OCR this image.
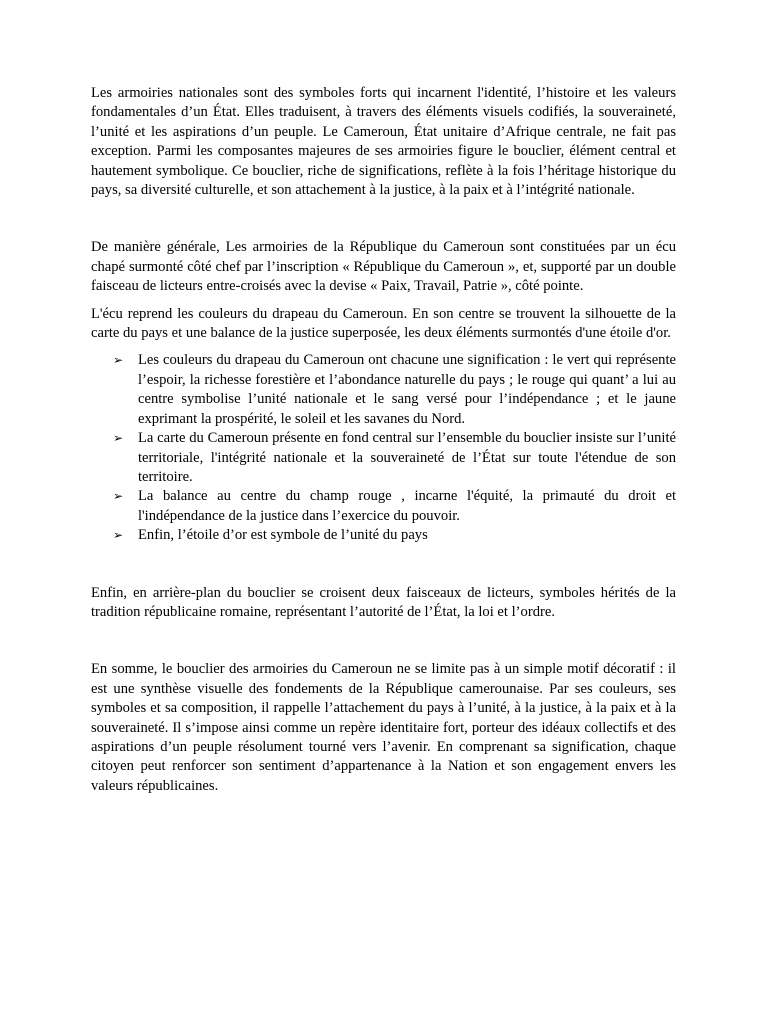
Les armoiries nationales sont des symboles forts qui incarnent l'identité, l’histoire et les valeurs fondamentales d’un État. Elles traduisent, à travers des éléments visuels codifiés, la souveraineté, l’unité et les aspirations d’un peuple. Le Cameroun, État unitaire d’Afrique centrale, ne fait pas exception. Parmi les composantes majeures de ses armoiries figure le bouclier, élément central et hautement symbolique. Ce bouclier, riche de significations, reflète à la fois l’héritage historique du pays, sa diversité culturelle, et son attachement à la justice, à la paix et à l’intégrité nationale.

De manière générale, Les armoiries de la République du Cameroun sont constituées par un écu chapé surmonté côté chef par l’inscription « République du Cameroun », et, supporté par un double faisceau de licteurs entre-croisés avec la devise « Paix, Travail, Patrie », côté pointe.

L'écu reprend les couleurs du drapeau du Cameroun. En son centre se trouvent la silhouette de la carte du pays et une balance de la justice superposée, les deux éléments surmontés d'une étoile d'or.

➢ Les couleurs du drapeau du Cameroun ont chacune une signification : le vert qui représente l’espoir, la richesse forestière et l’abondance naturelle du pays ; le rouge qui quant’ a lui au centre symbolise l’unité nationale et le sang versé pour l’indépendance ; et le jaune exprimant la prospérité, le soleil et les savanes du Nord.
➢ La carte du Cameroun présente en fond central sur l’ensemble du bouclier insiste sur l’unité territoriale, l'intégrité nationale et la souveraineté de l’État sur toute l'étendue de son territoire.
➢ La balance au centre du champ rouge , incarne l'équité, la primauté du droit et l'indépendance de la justice dans l’exercice du pouvoir.
➢ Enfin, l’étoile d’or est symbole de l’unité du pays

Enfin, en arrière-plan du bouclier se croisent deux faisceaux de licteurs, symboles hérités de la tradition républicaine romaine, représentant l’autorité de l’État, la loi et l’ordre.

En somme, le bouclier des armoiries du Cameroun ne se limite pas à un simple motif décoratif : il est une synthèse visuelle des fondements de la République camerounaise. Par ses couleurs, ses symboles et sa composition, il rappelle l’attachement du pays à l’unité, à la justice, à la paix et à la souveraineté. Il s’impose ainsi comme un repère identitaire fort, porteur des idéaux collectifs et des aspirations d’un peuple résolument tourné vers l’avenir. En comprenant sa signification, chaque citoyen peut renforcer son sentiment d’appartenance à la Nation et son engagement envers les valeurs républicaines.
